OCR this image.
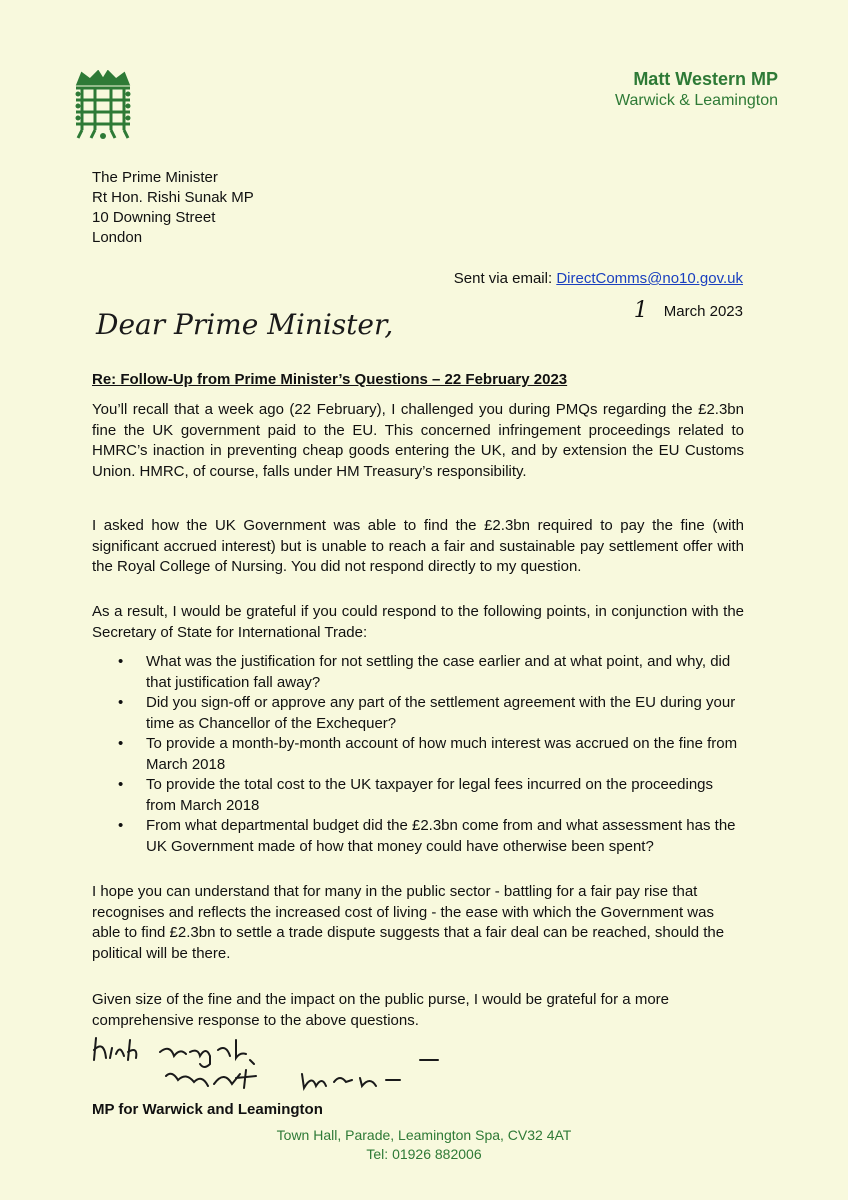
Matt Western MP
Warwick & Leamington
The Prime Minister
Rt Hon. Rishi Sunak MP
10 Downing Street
London
Sent via email: DirectComms@no10.gov.uk
Dear Prime Minister,	1 March 2023
Re: Follow-Up from Prime Minister’s Questions – 22 February 2023

You’ll recall that a week ago (22 February), I challenged you during PMQs regarding the £2.3bn fine the UK government paid to the EU. This concerned infringement proceedings related to HMRC’s inaction in preventing cheap goods entering the UK, and by extension the EU Customs Union. HMRC, of course, falls under HM Treasury’s responsibility.

I asked how the UK Government was able to find the £2.3bn required to pay the fine (with significant accrued interest) but is unable to reach a fair and sustainable pay settlement offer with the Royal College of Nursing. You did not respond directly to my question.

As a result, I would be grateful if you could respond to the following points, in conjunction with the Secretary of State for International Trade:

• What was the justification for not settling the case earlier and at what point, and why, did that justification fall away?
• Did you sign-off or approve any part of the settlement agreement with the EU during your time as Chancellor of the Exchequer?
• To provide a month-by-month account of how much interest was accrued on the fine from March 2018
• To provide the total cost to the UK taxpayer for legal fees incurred on the proceedings from March 2018
• From what departmental budget did the £2.3bn come from and what assessment has the UK Government made of how that money could have otherwise been spent?

I hope you can understand that for many in the public sector - battling for a fair pay rise that recognises and reflects the increased cost of living - the ease with which the Government was able to find £2.3bn to settle a trade dispute suggests that a fair deal can be reached, should the political will be there.

Given size of the fine and the impact on the public purse, I would be grateful for a more comprehensive response to the above questions.

MP for Warwick and Leamington
Town Hall, Parade, Leamington Spa, CV32 4AT
Tel: 01926 882006
